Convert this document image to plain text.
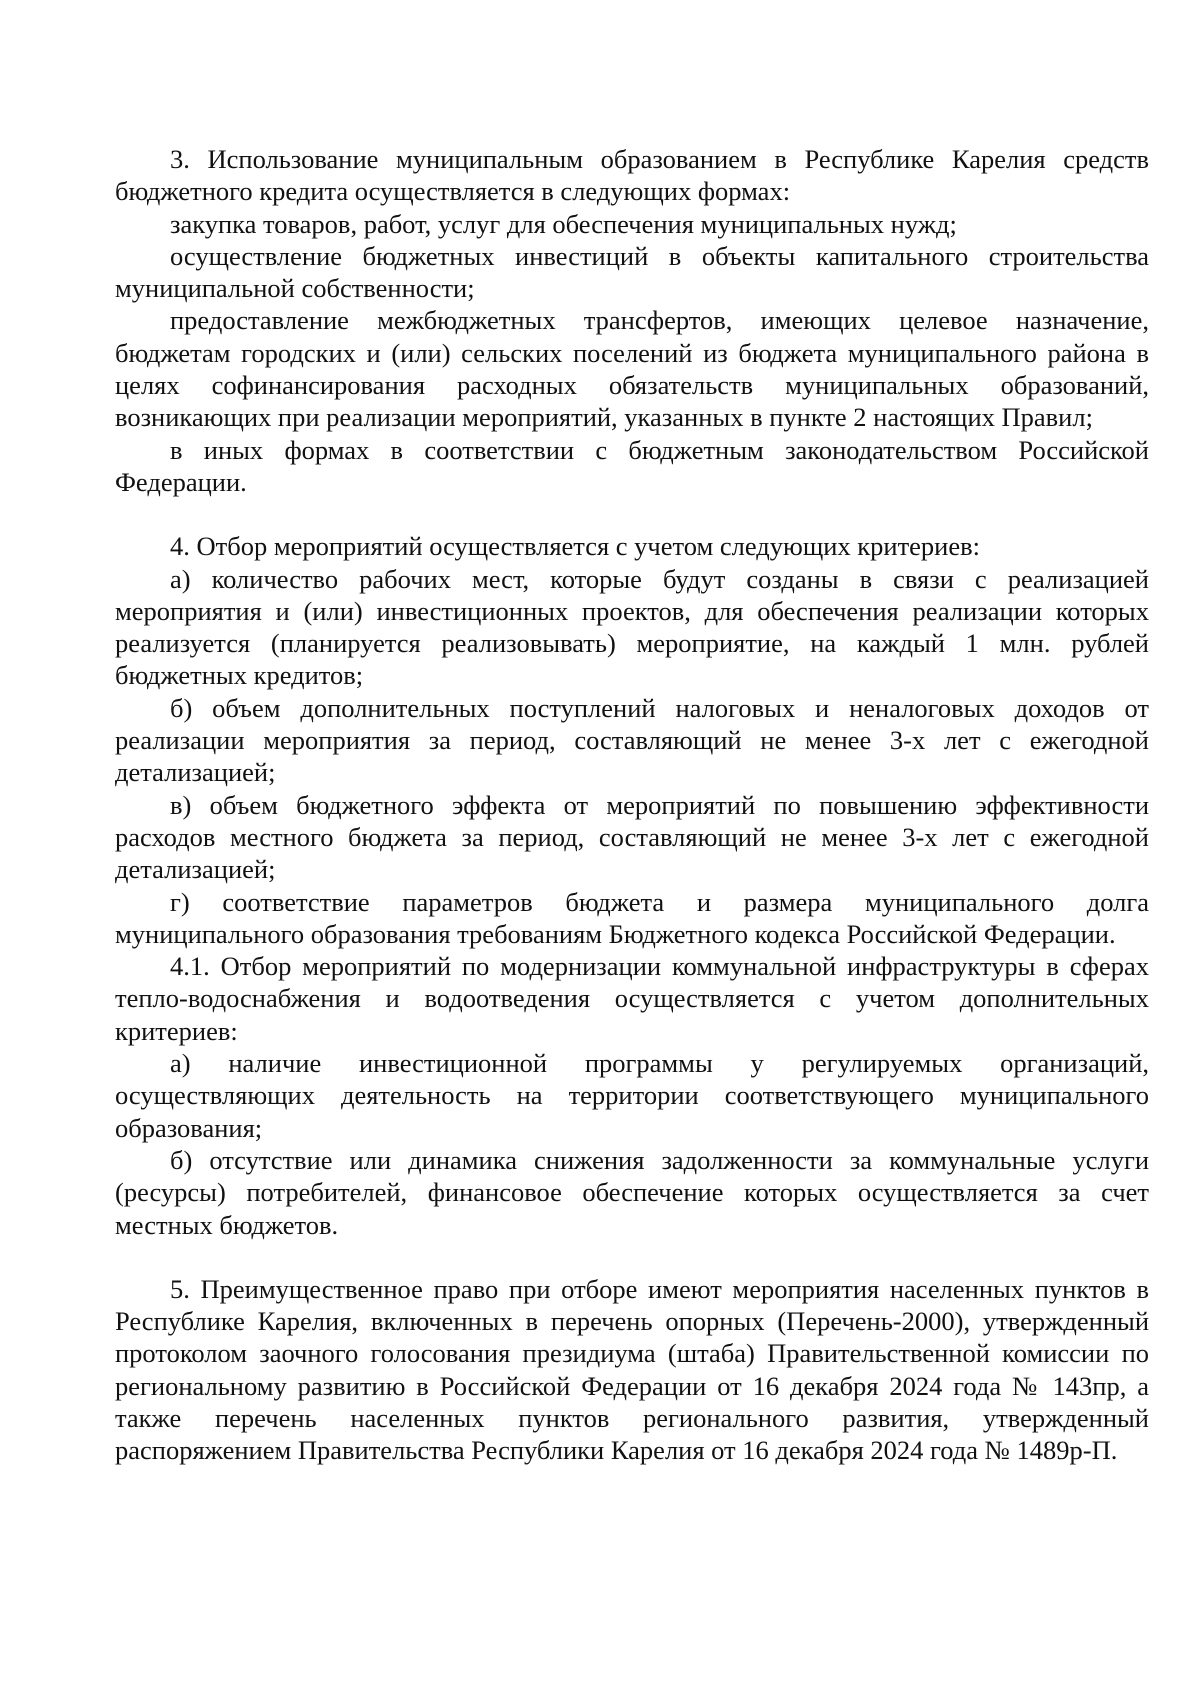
3. Использование муниципальным образованием в Республике Карелия средств бюджетного кредита осуществляется в следующих формах:

закупка товаров, работ, услуг для обеспечения муниципальных нужд;

осуществление бюджетных инвестиций в объекты капитального строительства муниципальной собственности;

предоставление межбюджетных трансфертов, имеющих целевое назначение, бюджетам городских и (или) сельских поселений из бюджета муниципального района в целях софинансирования расходных обязательств муниципальных образований, возникающих при реализации мероприятий, указанных в пункте 2 настоящих Правил;

в иных формах в соответствии с бюджетным законодательством Российской Федерации.

4. Отбор мероприятий осуществляется с учетом следующих критериев:

а) количество рабочих мест, которые будут созданы в связи с реализацией мероприятия и (или) инвестиционных проектов, для обеспечения реализации которых реализуется (планируется реализовывать) мероприятие, на каждый 1 млн. рублей бюджетных кредитов;

б) объем дополнительных поступлений налоговых и неналоговых доходов от реализации мероприятия за период, составляющий не менее 3-х лет с ежегодной детализацией;

в) объем бюджетного эффекта от мероприятий по повышению эффективности расходов местного бюджета за период, составляющий не менее 3-х лет с ежегодной детализацией;

г) соответствие параметров бюджета и размера муниципального долга муниципального образования требованиям Бюджетного кодекса Российской Федерации.

4.1. Отбор мероприятий по модернизации коммунальной инфраструктуры в сферах тепло-водоснабжения и водоотведения осуществляется с учетом дополнительных критериев:

а) наличие инвестиционной программы у регулируемых организаций, осуществляющих деятельность на территории соответствующего муниципального образования;

б) отсутствие или динамика снижения задолженности за коммунальные услуги (ресурсы) потребителей, финансовое обеспечение которых осуществляется за счет местных бюджетов.

5. Преимущественное право при отборе имеют мероприятия населенных пунктов в Республике Карелия, включенных в перечень опорных (Перечень-2000), утвержденный протоколом заочного голосования президиума (штаба) Правительственной комиссии по региональному развитию в Российской Федерации от 16 декабря 2024 года № 143пр, а также перечень населенных пунктов регионального развития, утвержденный распоряжением Правительства Республики Карелия от 16 декабря 2024 года № 1489р-П.
